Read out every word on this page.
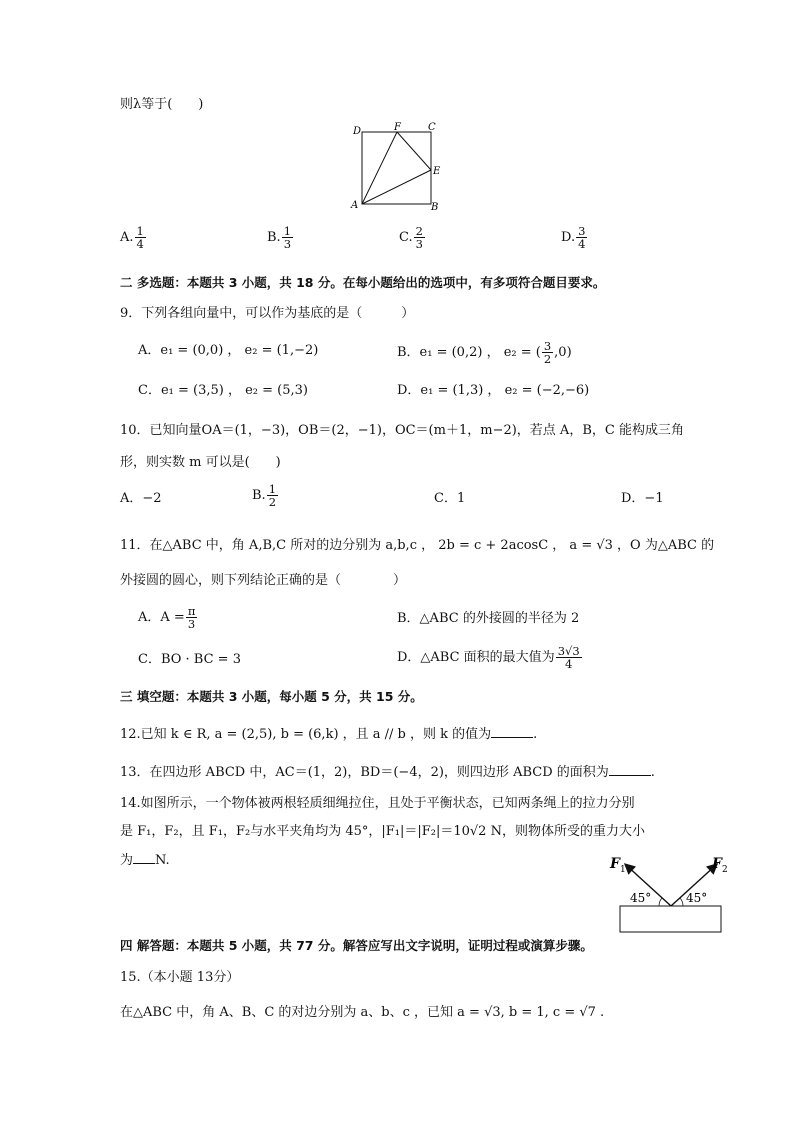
则λ等于(　　)
D	F	C
E
A	B
A. $\frac{1}{4}$	B. $\frac{1}{3}$	C. $\frac{2}{3}$	D. $\frac{3}{4}$
二 多选题：本题共 3 小题，共 18 分。在每小题给出的选项中，有多项符合题目要求。
9．下列各组向量中，可以作为基底的是（　　　）
A．e₁ = (0,0) ， e₂ = (1,−2)	B．e₁ = (0,2) ， e₂ = ( $\frac{3}{2} ,0$)
C．e₁ = (3,5) ， e₂ = (5,3)	D．e₁ = (1,3) ， e₂ = (−2,−6)
10．已知向量OA＝(1，−3)，OB＝(2，−1)，OC＝(m＋1，m−2)，若点 A，B，C 能构成三角
形，则实数 m 可以是(　　)
A．−2	B. $\frac{1}{2}$	C．1	D．−1
11．在△ABC 中，角 A,B,C 所对的边分别为 a,b,c ， 2b = c + 2acosC ， a = √3 ，O 为△ABC 的
外接圆的圆心，则下列结论正确的是（　　　　）
A．$A = \frac{\pi}{3}$	B．△ABC 的外接圆的半径为 2
C．BO · BC = 3	D．△ABC 面积的最大值为 $\frac{3√3}{4}$
三 填空题：本题共 3 小题，每小题 5 分，共 15 分。
12.已知 k ∈ R, a = (2,5), b = (6,k) ，且 a // b ，则 k 的值为	.
13．在四边形 ABCD 中，AC＝(1，2)，BD＝(−4，2)，则四边形 ABCD 的面积为	.
14.如图所示，一个物体被两根轻质细绳拉住，且处于平衡状态，已知两条绳上的拉力分别
是 F₁，F₂，且 F₁，F₂与水平夹角均为 45°，|F₁|＝|F₂|＝10√2 N，则物体所受的重力大小
为 N.	$F_1$	$F_2$
45°	45°
四 解答题：本题共 5 小题，共 77 分。解答应写出文字说明，证明过程或演算步骤。
15.（本小题 13分）
在△ABC 中，角 A、B、C 的对边分别为 a、b、c ，已知 a = √3, b = 1, c = √7 .
